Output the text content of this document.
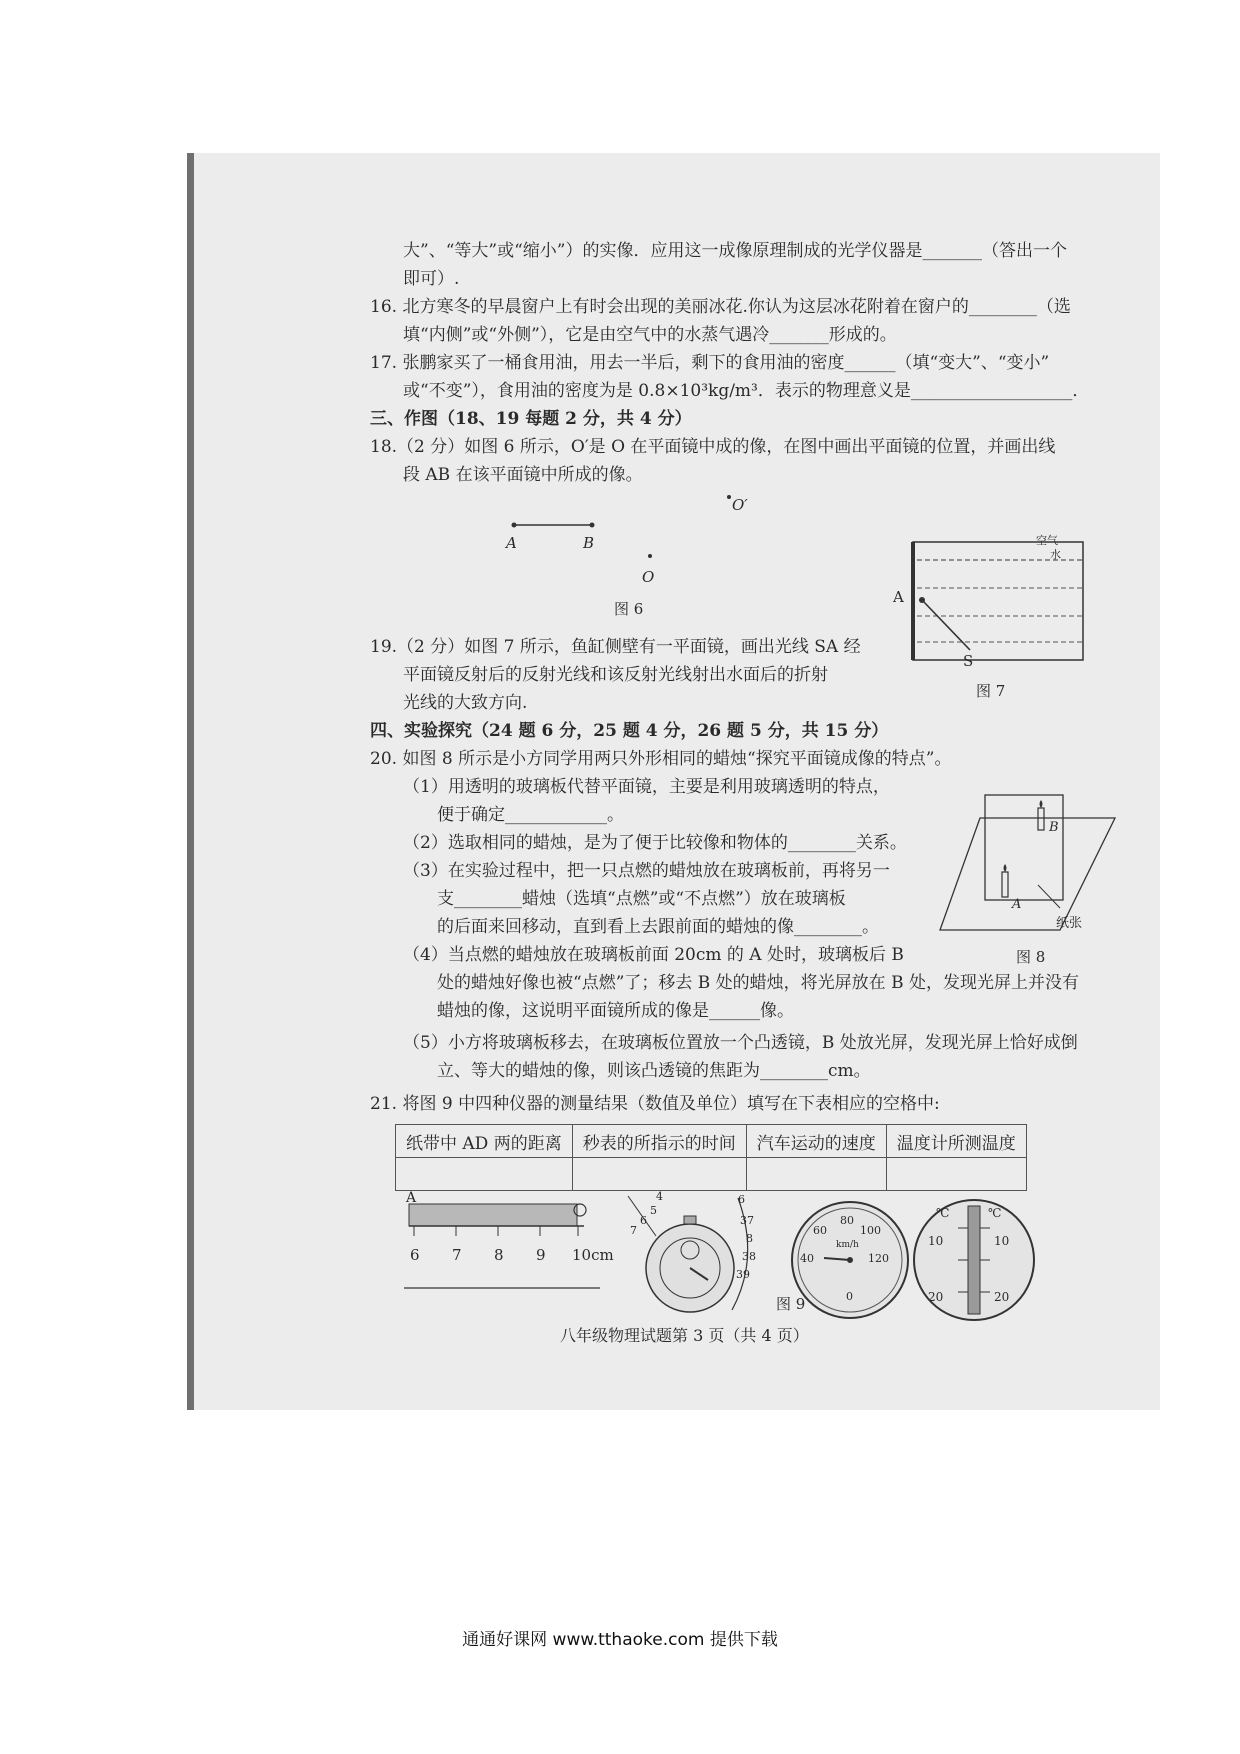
大”、“等大”或“缩小”）的实像．应用这一成像原理制成的光学仪器是_______（答出一个
即可）.
16. 北方寒冬的早晨窗户上有时会出现的美丽冰花.你认为这层冰花附着在窗户的________（选
填“内侧”或“外侧”），它是由空气中的水蒸气遇冷_______形成的。
17. 张鹏家买了一桶食用油，用去一半后，剩下的食用油的密度______（填“变大”、“变小”
或“不变”），食用油的密度为是 0.8×10³kg/m³．表示的物理意义是___________________．
三、作图（18、19 每题 2 分，共 4 分）
18.（2 分）如图 6 所示，O′是 O 在平面镜中成的像，在图中画出平面镜的位置，并画出线
段 AB 在该平面镜中所成的像。
A	B
O′
O
图 6
空气
水
A
S
图 7
19.（2 分）如图 7 所示，鱼缸侧壁有一平面镜，画出光线 SA 经
平面镜反射后的反射光线和该反射光线射出水面后的折射
光线的大致方向.
四、实验探究（24 题 6 分，25 题 4 分，26 题 5 分，共 15 分）
20. 如图 8 所示是小方同学用两只外形相同的蜡烛“探究平面镜成像的特点”。
（1）用透明的玻璃板代替平面镜，主要是利用玻璃透明的特点，
便于确定____________。
（2）选取相同的蜡烛，是为了便于比较像和物体的________关系。
（3）在实验过程中，把一只点燃的蜡烛放在玻璃板前，再将另一
支________蜡烛（选填“点燃”或“不点燃”）放在玻璃板
的后面来回移动，直到看上去跟前面的蜡烛的像________。
（4）当点燃的蜡烛放在玻璃板前面 20cm 的 A 处时，玻璃板后 B
处的蜡烛好像也被“点燃”了；移去 B 处的蜡烛，将光屏放在 B 处，发现光屏上并没有
蜡烛的像，这说明平面镜所成的像是______像。
（5）小方将玻璃板移去，在玻璃板位置放一个凸透镜，B 处放光屏，发现光屏上恰好成倒
立、等大的蜡烛的像，则该凸透镜的焦距为________cm。
21. 将图 9 中四种仪器的测量结果（数值及单位）填写在下表相应的空格中:
B
A
纸张
图 8
纸带中 AD 两的距离	秒表的所指示的时间	汽车运动的速度	温度计所测温度

A
6 7 8 9 10cm
4
5
6
7
6
37
8
38
39
60
80
100
40	120
0
km/h
℃
10
20
℃
10
20
图 9
八年级物理试题第 3 页（共 4 页）
通通好课网 www.tthaoke.com 提供下载
